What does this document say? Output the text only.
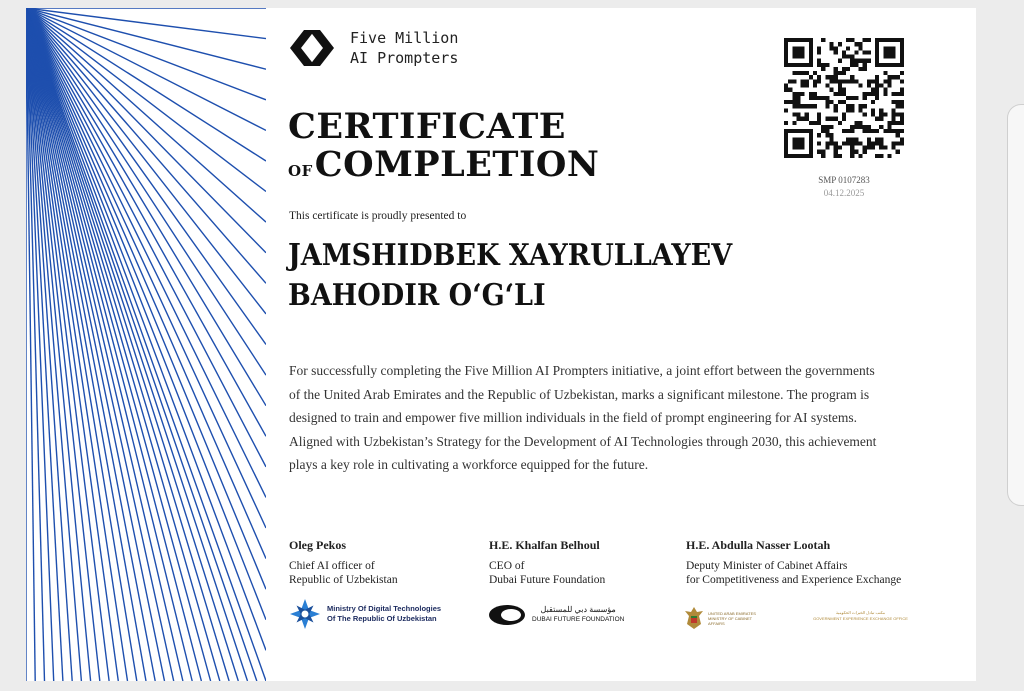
Five Million
AI Prompters
CERTIFICATE
OFCOMPLETION
This certificate is proudly presented to
JAMSHIDBEK XAYRULLAYEV
BAHODIR O‘G‘LI
For successfully completing the Five Million AI Prompters initiative, a joint effort between the governments of the United Arab Emirates and the Republic of Uzbekistan, marks a significant milestone. The program is designed to train and empower five million individuals in the field of prompt engineering for AI systems. Aligned with Uzbekistan’s Strategy for the Development of AI Technologies through 2030, this achievement plays a key role in cultivating a workforce equipped for the future.
SMP 0107283
04.12.2025
Oleg Pekos
Chief AI officer of
Republic of Uzbekistan
H.E. Khalfan Belhoul
CEO of
Dubai Future Foundation
H.E. Abdulla Nasser Lootah
Deputy Minister of Cabinet Affairs
for Competitiveness and Experience Exchange
Ministry Of Digital Technologies
Of The Republic Of Uzbekistan
مؤسسة دبي للمستقبل
DUBAI FUTURE FOUNDATION
UNITED ARAB EMIRATES
MINISTRY OF CABINET AFFAIRS
مكتب تبادل الخبرات الحكومية
GOVERNMENT EXPERIENCE EXCHANGE OFFICE
